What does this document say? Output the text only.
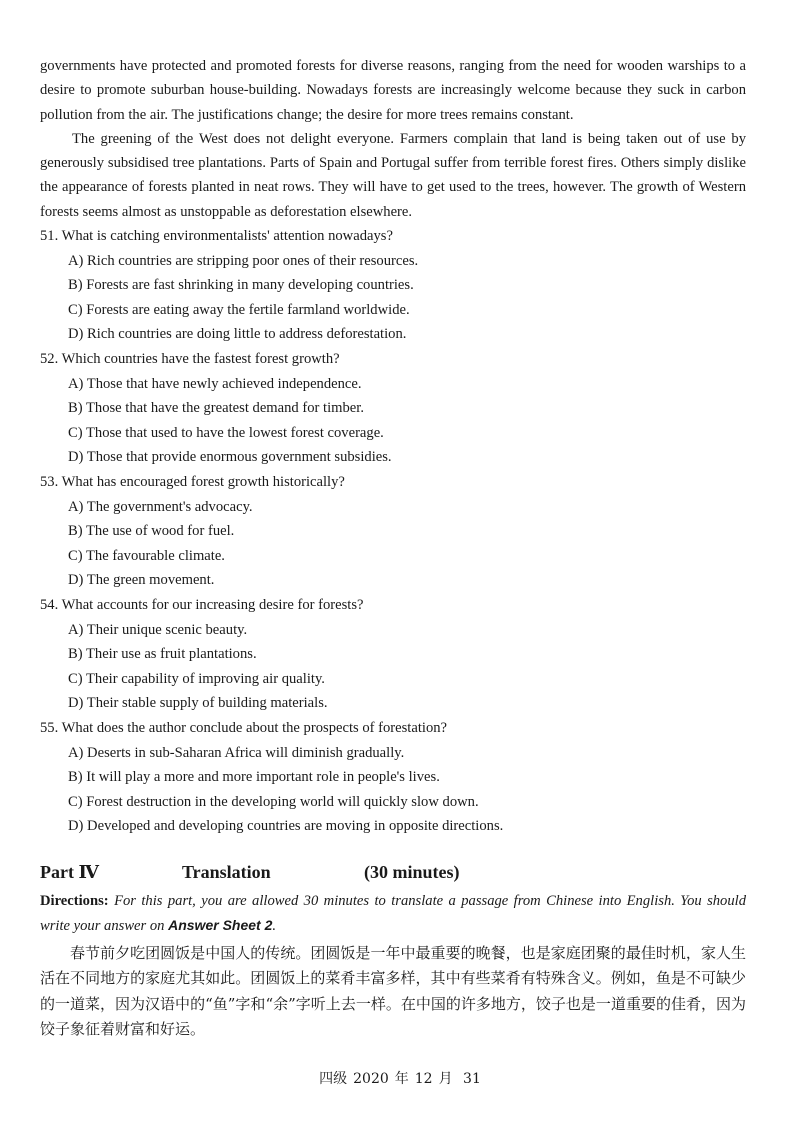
governments have protected and promoted forests for diverse reasons, ranging from the need for wooden warships to a desire to promote suburban house-building. Nowadays forests are increasingly welcome because they suck in carbon pollution from the air. The justifications change; the desire for more trees remains constant.

The greening of the West does not delight everyone. Farmers complain that land is being taken out of use by generously subsidised tree plantations. Parts of Spain and Portugal suffer from terrible forest fires. Others simply dislike the appearance of forests planted in neat rows. They will have to get used to the trees, however. The growth of Western forests seems almost as unstoppable as deforestation elsewhere.

51. What is catching environmentalists' attention nowadays?

A) Rich countries are stripping poor ones of their resources.

B) Forests are fast shrinking in many developing countries.

C) Forests are eating away the fertile farmland worldwide.

D) Rich countries are doing little to address deforestation.

52. Which countries have the fastest forest growth?

A) Those that have newly achieved independence.

B) Those that have the greatest demand for timber.

C) Those that used to have the lowest forest coverage.

D) Those that provide enormous government subsidies.

53. What has encouraged forest growth historically?

A) The government's advocacy.

B) The use of wood for fuel.

C) The favourable climate.

D) The green movement.

54. What accounts for our increasing desire for forests?

A) Their unique scenic beauty.

B) Their use as fruit plantations.

C) Their capability of improving air quality.

D) Their stable supply of building materials.

55. What does the author conclude about the prospects of forestation?

A) Deserts in sub-Saharan Africa will diminish gradually.

B) It will play a more and more important role in people's lives.

C) Forest destruction in the developing world will quickly slow down.

D) Developed and developing countries are moving in opposite directions.

Part Ⅳ	Translation	(30 minutes)

Directions: For this part, you are allowed 30 minutes to translate a passage from Chinese into English. You should write your answer on Answer Sheet 2.

春节前夕吃团圆饭是中国人的传统。团圆饭是一年中最重要的晚餐，也是家庭团聚的最佳时机，家人生活在不同地方的家庭尤其如此。团圆饭上的菜肴丰富多样，其中有些菜肴有特殊含义。例如，鱼是不可缺少的一道菜，因为汉语中的“鱼”字和“余”字听上去一样。在中国的许多地方，饺子也是一道重要的佳肴，因为饺子象征着财富和好运。

四级 2020 年 12 月 31
